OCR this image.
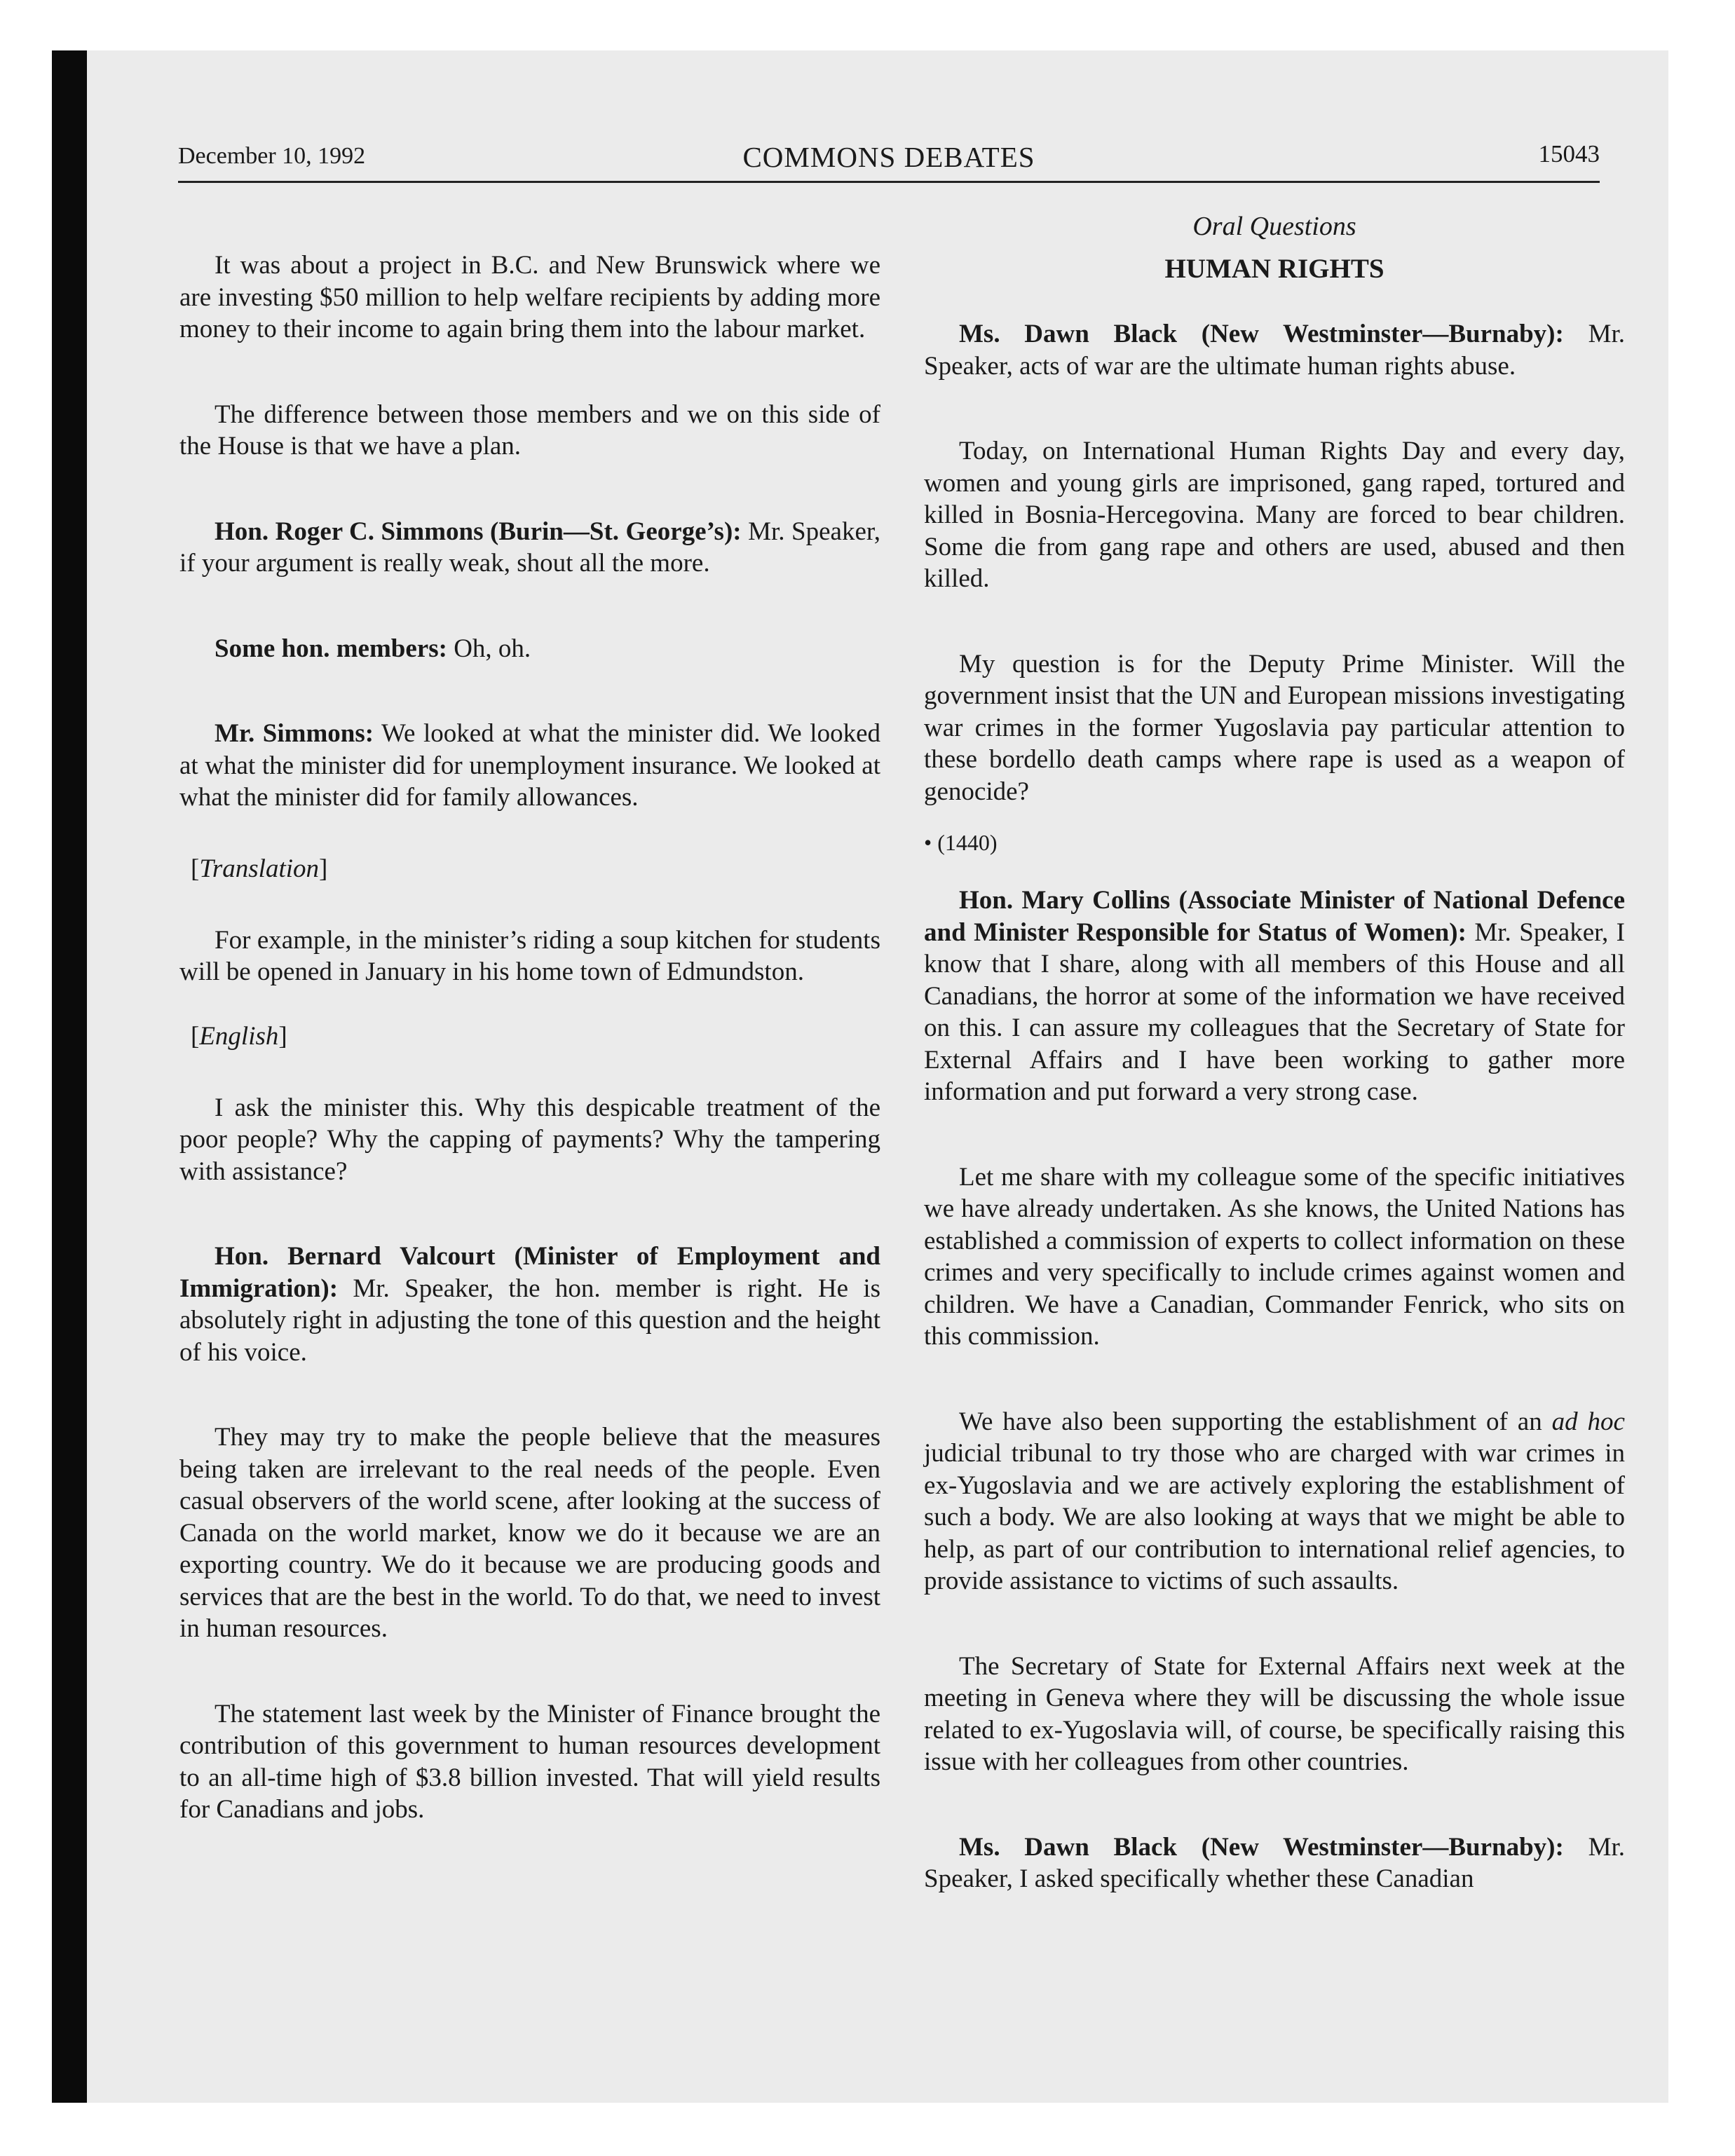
December 10, 1992	COMMONS DEBATES	15043

It was about a project in B.C. and New Brunswick where we are investing $50 million to help welfare recipients by adding more money to their income to again bring them into the labour market.

The difference between those members and we on this side of the House is that we have a plan.

Hon. Roger C. Simmons (Burin—St. George’s): Mr. Speaker, if your argument is really weak, shout all the more.

Some hon. members: Oh, oh.

Mr. Simmons: We looked at what the minister did. We looked at what the minister did for unemployment insurance. We looked at what the minister did for family allowances.

[Translation]

For example, in the minister’s riding a soup kitchen for students will be opened in January in his home town of Edmundston.

[English]

I ask the minister this. Why this despicable treatment of the poor people? Why the capping of payments? Why the tampering with assistance?

Hon. Bernard Valcourt (Minister of Employment and Immigration): Mr. Speaker, the hon. member is right. He is absolutely right in adjusting the tone of this question and the height of his voice.

They may try to make the people believe that the measures being taken are irrelevant to the real needs of the people. Even casual observers of the world scene, after looking at the success of Canada on the world market, know we do it because we are an exporting country. We do it because we are producing goods and services that are the best in the world. To do that, we need to invest in human resources.

The statement last week by the Minister of Finance brought the contribution of this government to human resources development to an all-time high of $3.8 billion invested. That will yield results for Canadians and jobs.

Oral Questions

HUMAN RIGHTS

Ms. Dawn Black (New Westminster—Burnaby): Mr. Speaker, acts of war are the ultimate human rights abuse.

Today, on International Human Rights Day and every day, women and young girls are imprisoned, gang raped, tortured and killed in Bosnia-Hercegovina. Many are forced to bear children. Some die from gang rape and others are used, abused and then killed.

My question is for the Deputy Prime Minister. Will the government insist that the UN and European missions investigating war crimes in the former Yugoslavia pay particular attention to these bordello death camps where rape is used as a weapon of genocide?

• (1440)

Hon. Mary Collins (Associate Minister of National Defence and Minister Responsible for Status of Women): Mr. Speaker, I know that I share, along with all members of this House and all Canadians, the horror at some of the information we have received on this. I can assure my colleagues that the Secretary of State for External Affairs and I have been working to gather more information and put forward a very strong case.

Let me share with my colleague some of the specific initiatives we have already undertaken. As she knows, the United Nations has established a commission of experts to collect information on these crimes and very specifically to include crimes against women and children. We have a Canadian, Commander Fenrick, who sits on this commission.

We have also been supporting the establishment of an ad hoc judicial tribunal to try those who are charged with war crimes in ex-Yugoslavia and we are actively exploring the establishment of such a body. We are also looking at ways that we might be able to help, as part of our contribution to international relief agencies, to provide assistance to victims of such assaults.

The Secretary of State for External Affairs next week at the meeting in Geneva where they will be discussing the whole issue related to ex-Yugoslavia will, of course, be specifically raising this issue with her colleagues from other countries.

Ms. Dawn Black (New Westminster—Burnaby): Mr. Speaker, I asked specifically whether these Canadian
